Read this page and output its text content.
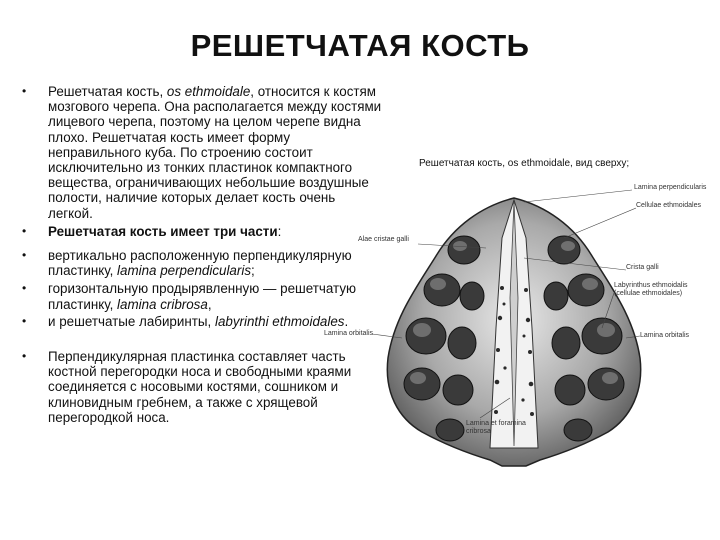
РЕШЕТЧАТАЯ КОСТЬ
• Решетчатая кость, os ethmoidale, относится к костям мозгового черепа. Она располагается между костями лицевого черепа, поэтому на целом черепе видна плохо. Решетчатая кость имеет форму неправильного куба. По строению состоит исключительно из тонких пластинок компактного вещества, ограничивающих небольшие воздушные полости, наличие которых делает кость очень легкой.
• Решетчатая кость имеет три части:
• вертикально расположенную перпендикулярную пластинку, lamina perpendicularis;
• горизонтальную продырявленную — решетчатую пластинку, lamina cribrosa,
• и решетчатые лабиринты, labyrinthi ethmoidales.
• Перпендикулярная пластинка составляет часть костной перегородки носа и свободными краями соединяется с носовыми костями, сошником и клиновидным гребнем, а также с хрящевой перегородкой носа.
Решетчатая кость, os ethmoidale, вид сверху;
Lamina perpendicularis
Cellulae ethmoidales
Alae cristae galli
Crista galli
Labyrinthus ethmoidalis (cellulae ethmoidales)
Lamina orbitalis	Lamina orbitalis
Lamina et foramina cribrosa
